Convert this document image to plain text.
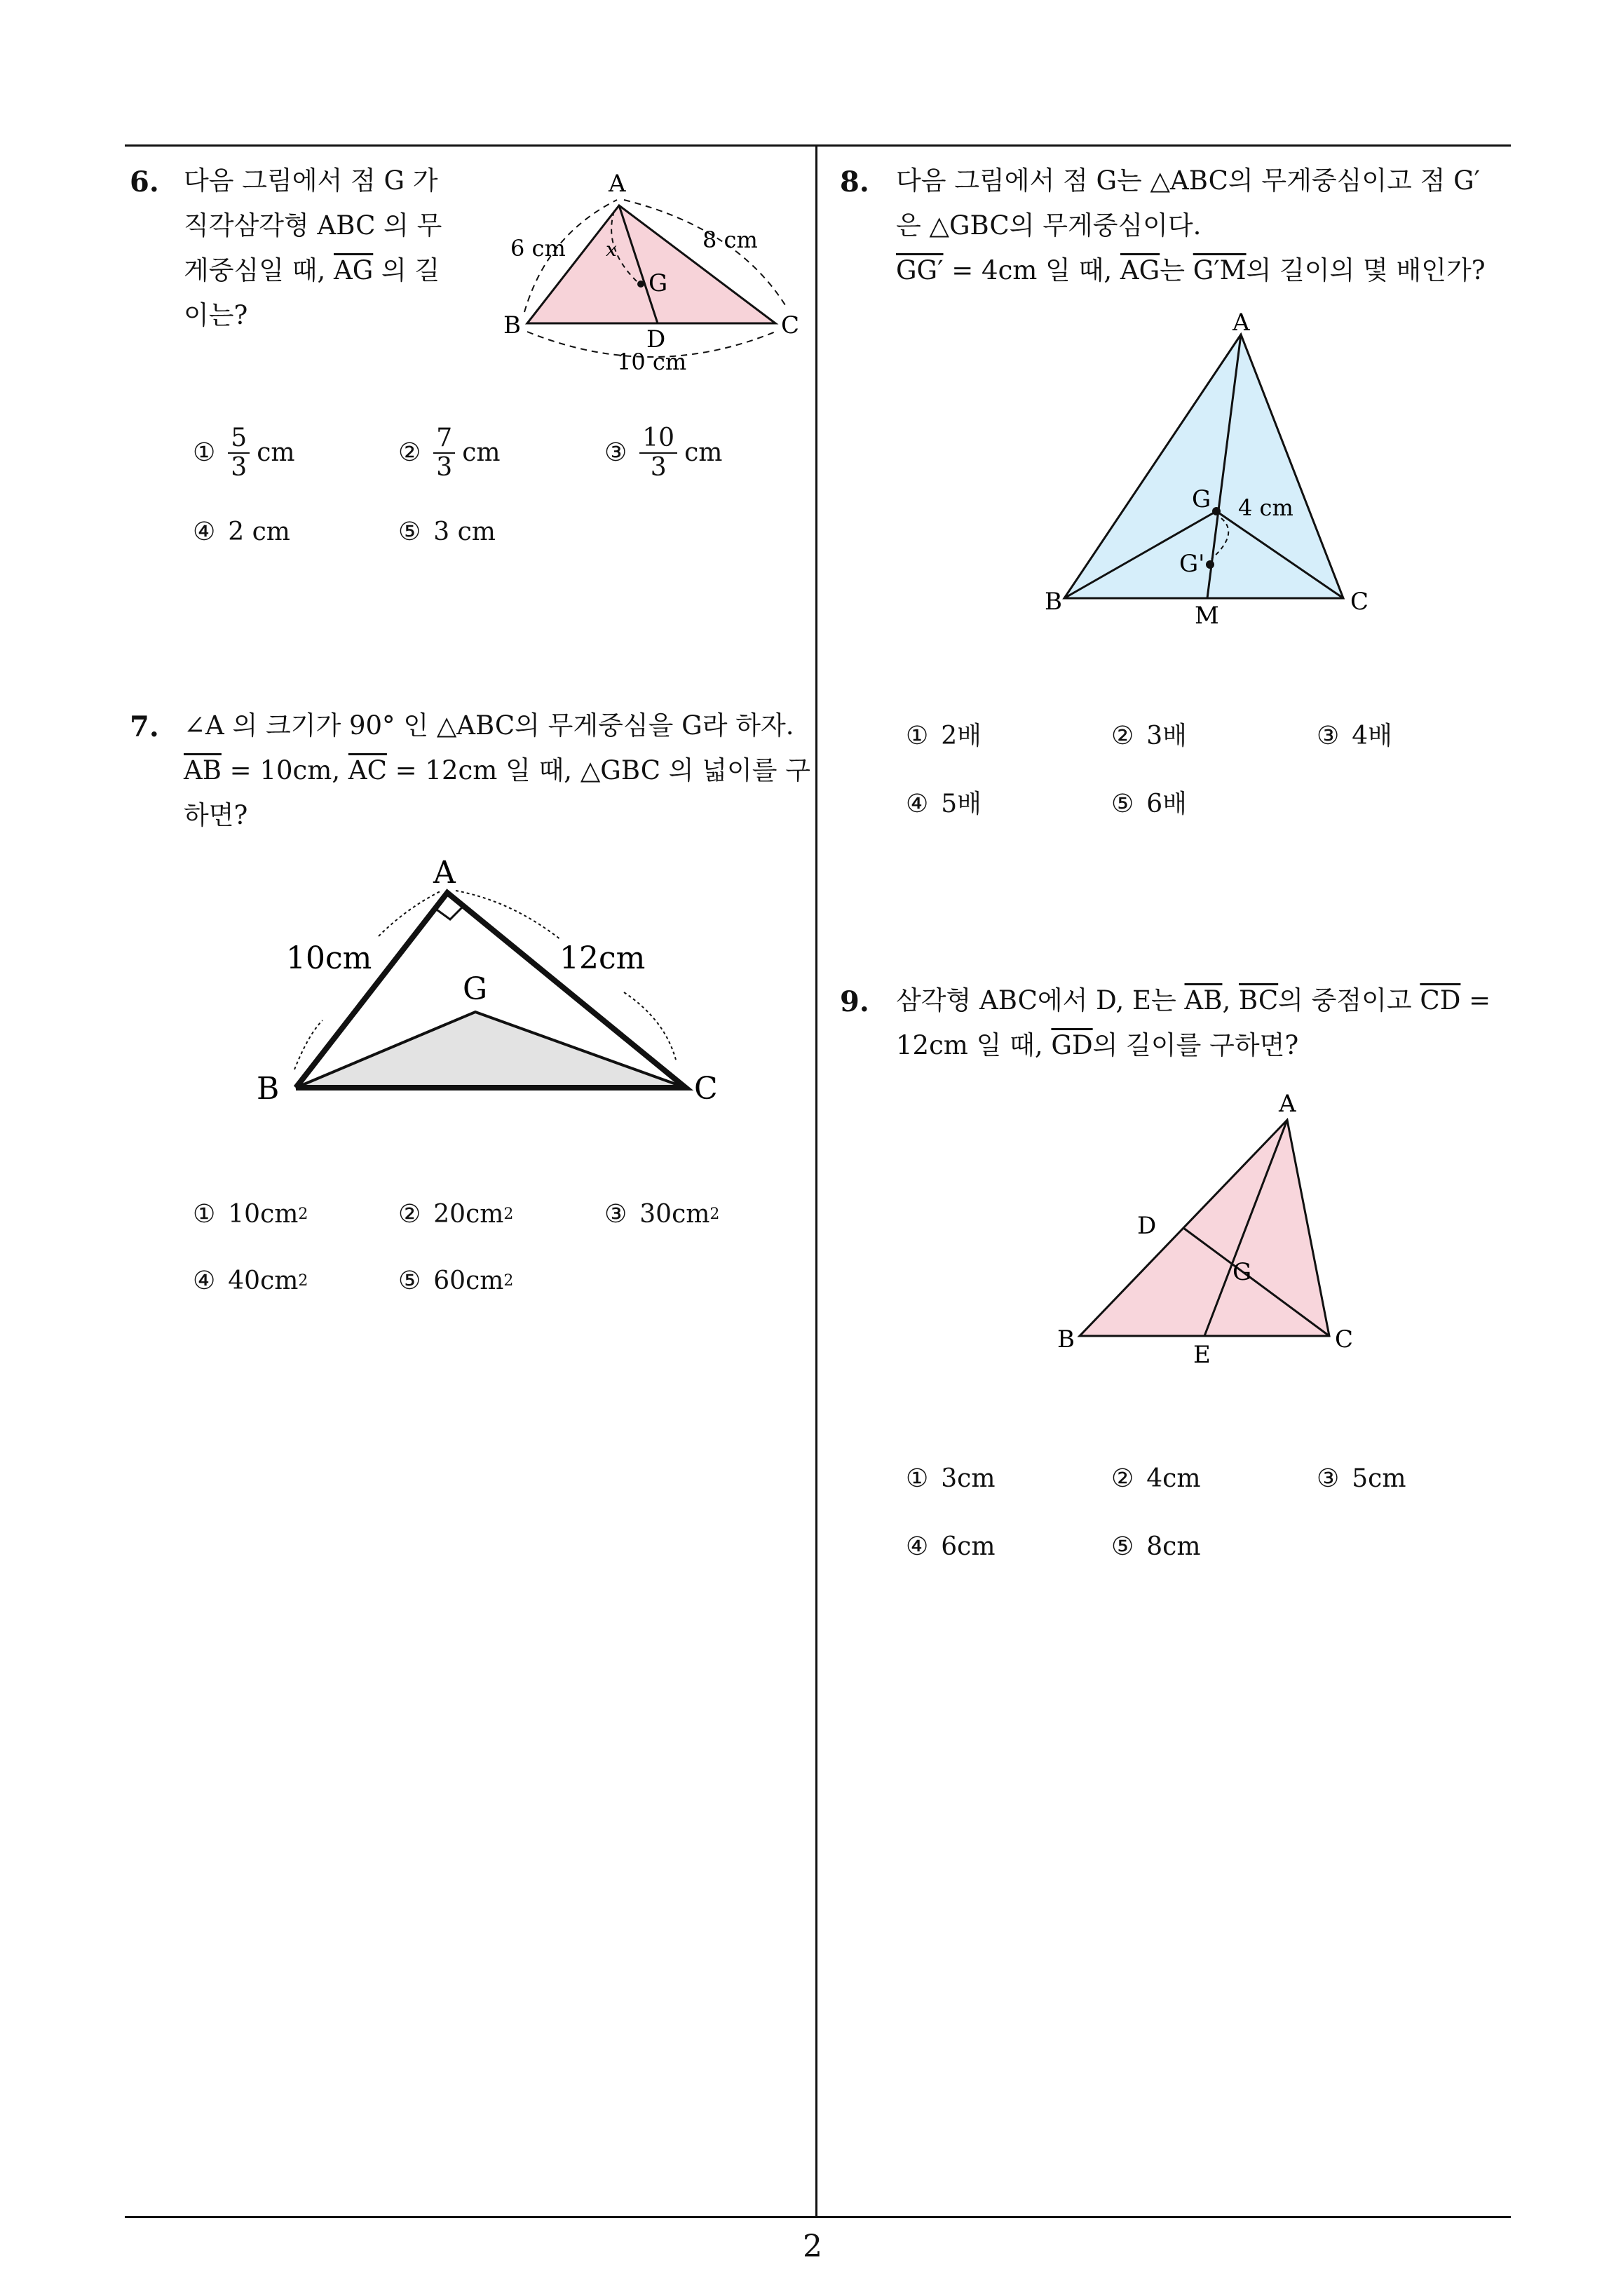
2
6. 다음 그림에서 점 G 가
직각삼각형 ABC 의 무
게중심일 때, $\overline{AG}$ 의 길
이는?
A
B	C
D
G
x
6 cm	8 cm
10 cm
① $\frac{5}{3}$ cm	② $\frac{7}{3}$ cm	③ $\frac{10}{3}$ cm
④ 2 cm	⑤ 3 cm
7. ∠A 의 크기가 90° 인 △ABC의 무게중심을 G라 하자.
$\overline{AB} = 10cm$, $\overline{AC} = 12cm$ 일 때, △GBC 의 넓이를 구
하면?
A
B	C
G
10cm	12cm
① 10cm 2	② 20cm 2	③ 30cm 2
④ 40cm 2	⑤ 60cm 2
8. 다음 그림에서 점 G는 △ABC의 무게중심이고 점 G′
은 △GBC의 무게중심이다.
GG′ = 4cm 일 때, $\overline{AG}$는 G′M의 길이의 몇 배인가?
A
B	C
M
G
G'
4 cm
① 2배	② 3배	③ 4배
④ 5배	⑤ 6배
9. 삼각형 ABC에서 D, E는 $\overline{AB}$, $\overline{BC}$의 중점이고 $\overline{CD}$ =
12cm 일 때, $\overline{GD}$의 길이를 구하면?
A
B	C
D
E
G
① 3cm	② 4cm	③ 5cm
④ 6cm	⑤ 8cm
